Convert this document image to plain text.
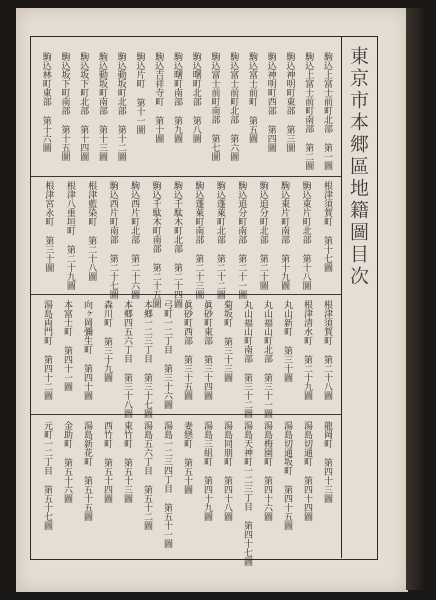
東京市本郷區地籍圖目次
駒込上富士前町北部第一圖
駒込上富士前町南部第二圖
駒込神明町東部第三圖
駒込神明町西部第四圖
駒込富士前町第五圖
駒込富士前町北部第六圖
駒込富士前町南部第七圖
駒込曙町北部第八圖
駒込曙町南部第九圖
駒込吉祥寺町第十圖
駒込片町第十一圖
駒込動坂町北部第十二圖
駒込動坂町南部第十三圖
駒込坂下町北部第十四圖
駒込坂下町南部第十五圖
駒込林町東部第十六圖
根津須賀町第十七圖
駒込東片町北部第十八圖
駒込東片町南部第十九圖
駒込追分町北部第二十圖
駒込追分町南部第二十一圖
駒込蓬萊町北部第二十二圖
駒込蓬萊町南部第二十三圖
駒込千駄木町北部第二十四圖
駒込千駄木町南部第二十五圖
駒込西片町北部第二十六圖
駒込西片町南部第二十七圖
根津藍染町第二十八圖
根津八重垣町第二十九圖
根津宮永町第三十圖
根津須賀町第二十八圖
根津清水町第二十九圖
丸山新町第三十圖
丸山福山町北部第三十一圖
丸山福山町南部第三十二圖
菊坂町第三十三圖
眞砂町東部第三十四圖
眞砂町西部第三十五圖
弓町一二丁目第三十六圖
本郷一二三丁目第三十七圖
本郷四五六丁目第三十八圖
森川町第三十九圖
向ヶ岡彌生町第四十圖
本富士町第四十一圖
湯島両門町第四十二圖
龍岡町第四十三圖
湯島切通町第四十四圖
湯島切通坂町第四十五圖
湯島梅園町第四十六圖
湯島天神町一二三丁目第四十七圖
湯島同朋町第四十八圖
湯島三組町第四十九圖
妻戀町第五十圖
湯島一二三四丁目第五十一圖
湯島五六丁目第五十二圖
東竹町第五十三圖
西竹町第五十四圖
湯島新花町第五十五圖
金助町第五十六圖
元町一二丁目第五十七圖
